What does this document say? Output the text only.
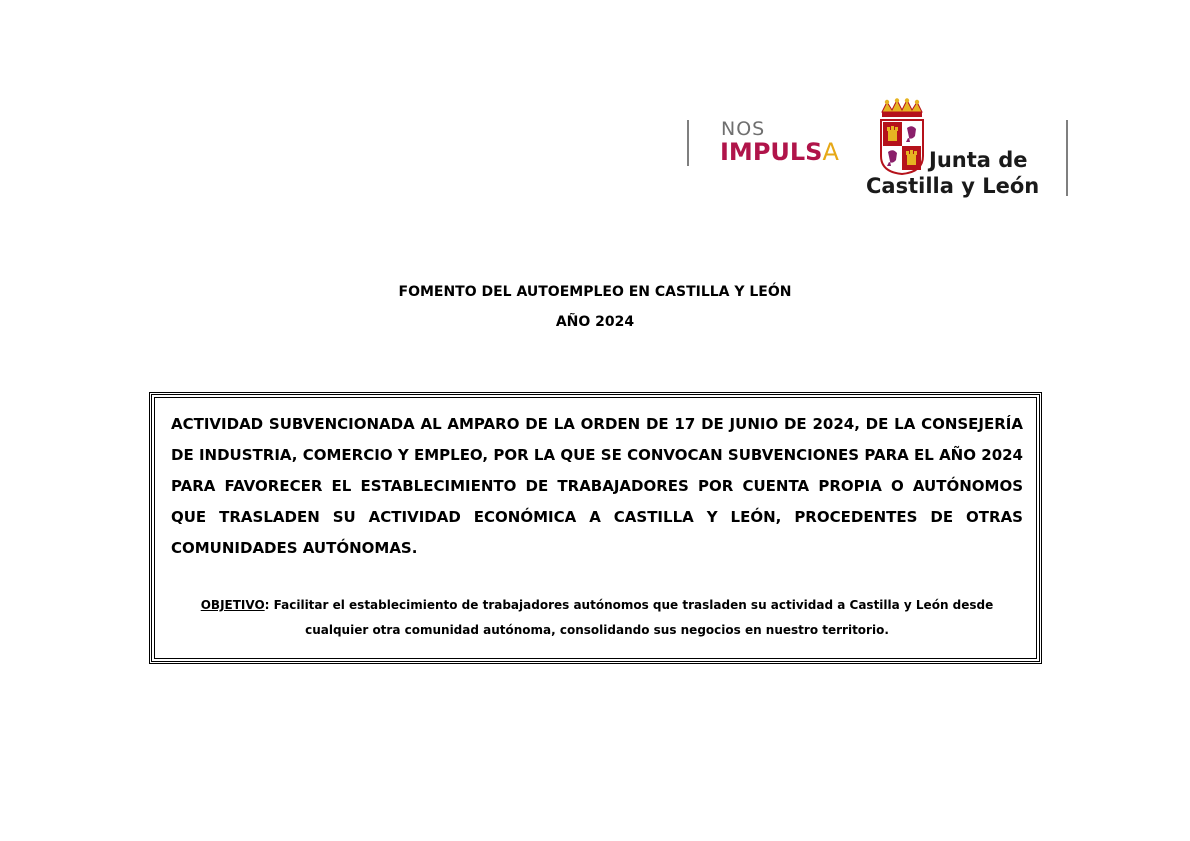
NOS
IMPULSA	Junta de
Castilla y León
FOMENTO DEL AUTOEMPLEO EN CASTILLA Y LEÓN
AÑO 2024
ACTIVIDAD SUBVENCIONADA AL AMPARO DE LA ORDEN DE 17 DE JUNIO DE 2024, DE LA CONSEJERÍA DE INDUSTRIA, COMERCIO Y EMPLEO, POR LA QUE SE CONVOCAN SUBVENCIONES PARA EL AÑO 2024 PARA FAVORECER EL ESTABLECIMIENTO DE TRABAJADORES POR CUENTA PROPIA O AUTÓNOMOS QUE TRASLADEN SU ACTIVIDAD ECONÓMICA A CASTILLA Y LEÓN, PROCEDENTES DE OTRAS COMUNIDADES AUTÓNOMAS.
OBJETIVO: Facilitar el establecimiento de trabajadores autónomos que trasladen su actividad a Castilla y León desde cualquier otra comunidad autónoma, consolidando sus negocios en nuestro territorio.
